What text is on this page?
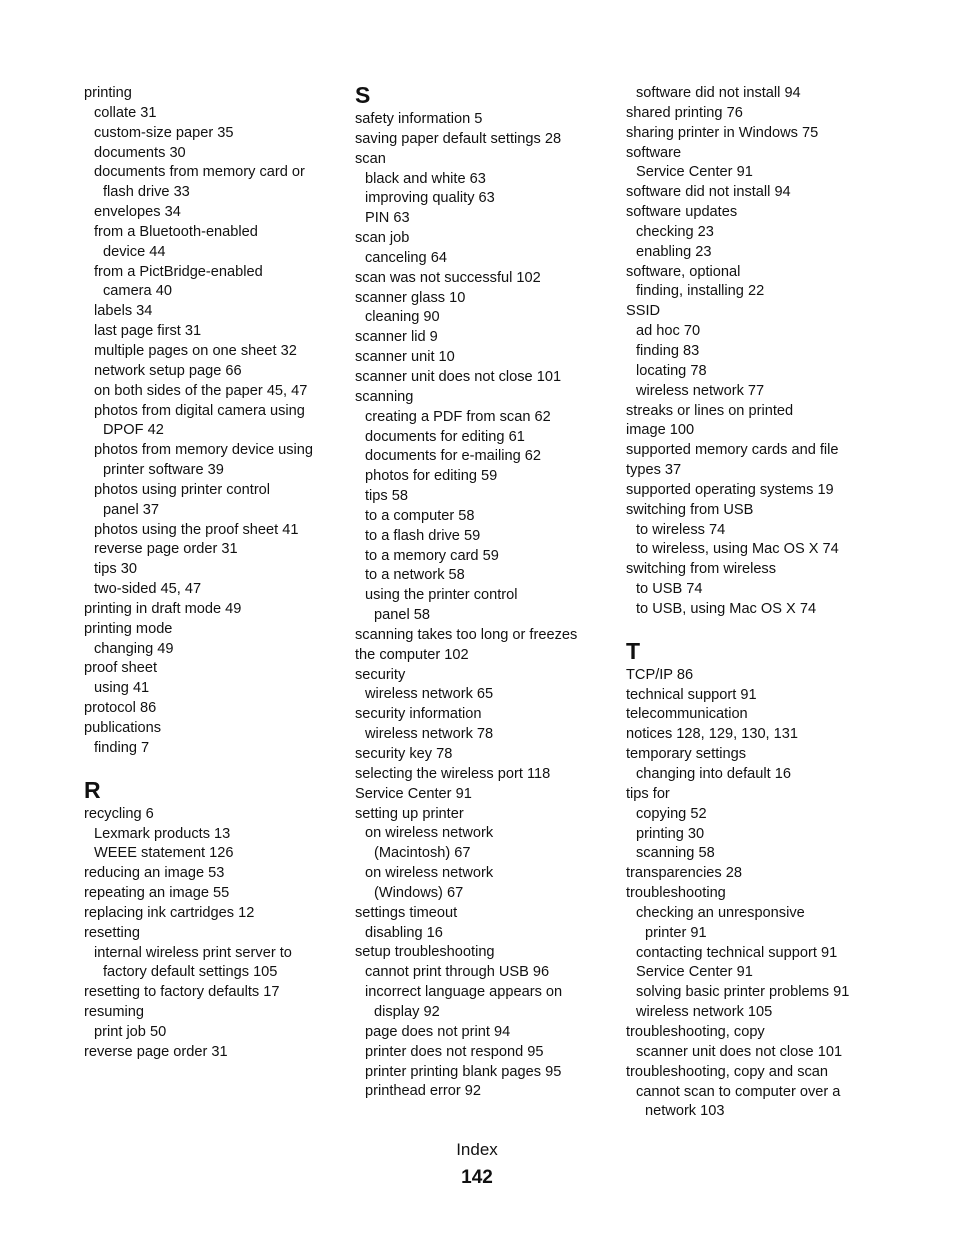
printing
collate 31
custom-size paper 35
documents 30
documents from memory card or
flash drive 33
envelopes 34
from a Bluetooth-enabled
device 44
from a PictBridge-enabled
camera 40
labels 34
last page first 31
multiple pages on one sheet 32
network setup page 66
on both sides of the paper 45, 47
photos from digital camera using
DPOF 42
photos from memory device using
printer software 39
photos using printer control
panel 37
photos using the proof sheet 41
reverse page order 31
tips 30
two-sided 45, 47
printing in draft mode 49
printing mode
changing 49
proof sheet
using 41
protocol 86
publications
finding 7
R
recycling 6
Lexmark products 13
WEEE statement 126
reducing an image 53
repeating an image 55
replacing ink cartridges 12
resetting
internal wireless print server to
factory default settings 105
resetting to factory defaults 17
resuming
print job 50
reverse page order 31
S
safety information 5
saving paper default settings 28
scan
black and white 63
improving quality 63
PIN 63
scan job
canceling 64
scan was not successful 102
scanner glass 10
cleaning 90
scanner lid 9
scanner unit 10
scanner unit does not close 101
scanning
creating a PDF from scan 62
documents for editing 61
documents for e-mailing 62
photos for editing 59
tips 58
to a computer 58
to a flash drive 59
to a memory card 59
to a network 58
using the printer control
panel 58
scanning takes too long or freezes
the computer 102
security
wireless network 65
security information
wireless network 78
security key 78
selecting the wireless port 118
Service Center 91
setting up printer
on wireless network
(Macintosh) 67
on wireless network
(Windows) 67
settings timeout
disabling 16
setup troubleshooting
cannot print through USB 96
incorrect language appears on
display 92
page does not print 94
printer does not respond 95
printer printing blank pages 95
printhead error 92
software did not install 94
shared printing 76
sharing printer in Windows 75
software
Service Center 91
software did not install 94
software updates
checking 23
enabling 23
software, optional
finding, installing 22
SSID
ad hoc 70
finding 83
locating 78
wireless network 77
streaks or lines on printed
image 100
supported memory cards and file
types 37
supported operating systems 19
switching from USB
to wireless 74
to wireless, using Mac OS X 74
switching from wireless
to USB 74
to USB, using Mac OS X 74
T
TCP/IP 86
technical support 91
telecommunication
notices 128, 129, 130, 131
temporary settings
changing into default 16
tips for
copying 52
printing 30
scanning 58
transparencies 28
troubleshooting
checking an unresponsive
printer 91
contacting technical support 91
Service Center 91
solving basic printer problems 91
wireless network 105
troubleshooting, copy
scanner unit does not close 101
troubleshooting, copy and scan
cannot scan to computer over a
network 103
Index
142
